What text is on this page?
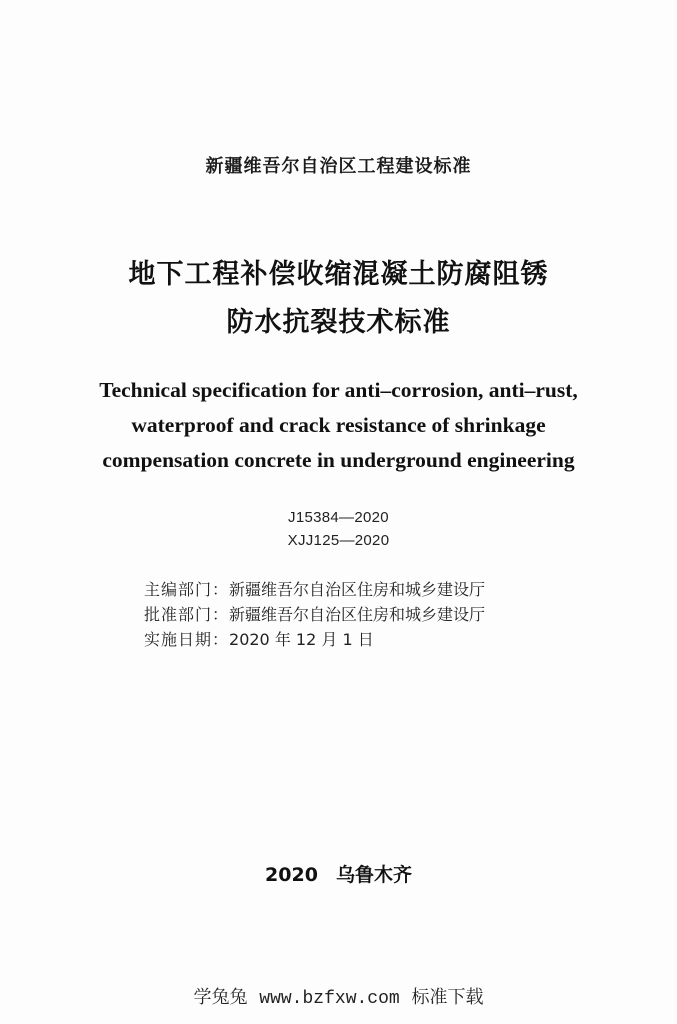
新疆维吾尔自治区工程建设标准
地下工程补偿收缩混凝土防腐阻锈
防水抗裂技术标准
Technical specification for anti–corrosion, anti–rust,
waterproof and crack resistance of shrinkage
compensation concrete in underground engineering
J15384—2020
XJJ125—2020
主编部门：新疆维吾尔自治区住房和城乡建设厅
批准部门：新疆维吾尔自治区住房和城乡建设厅
实施日期：2020 年 12 月 1 日
2020 乌鲁木齐
学兔兔 www.bzfxw.com 标准下载
